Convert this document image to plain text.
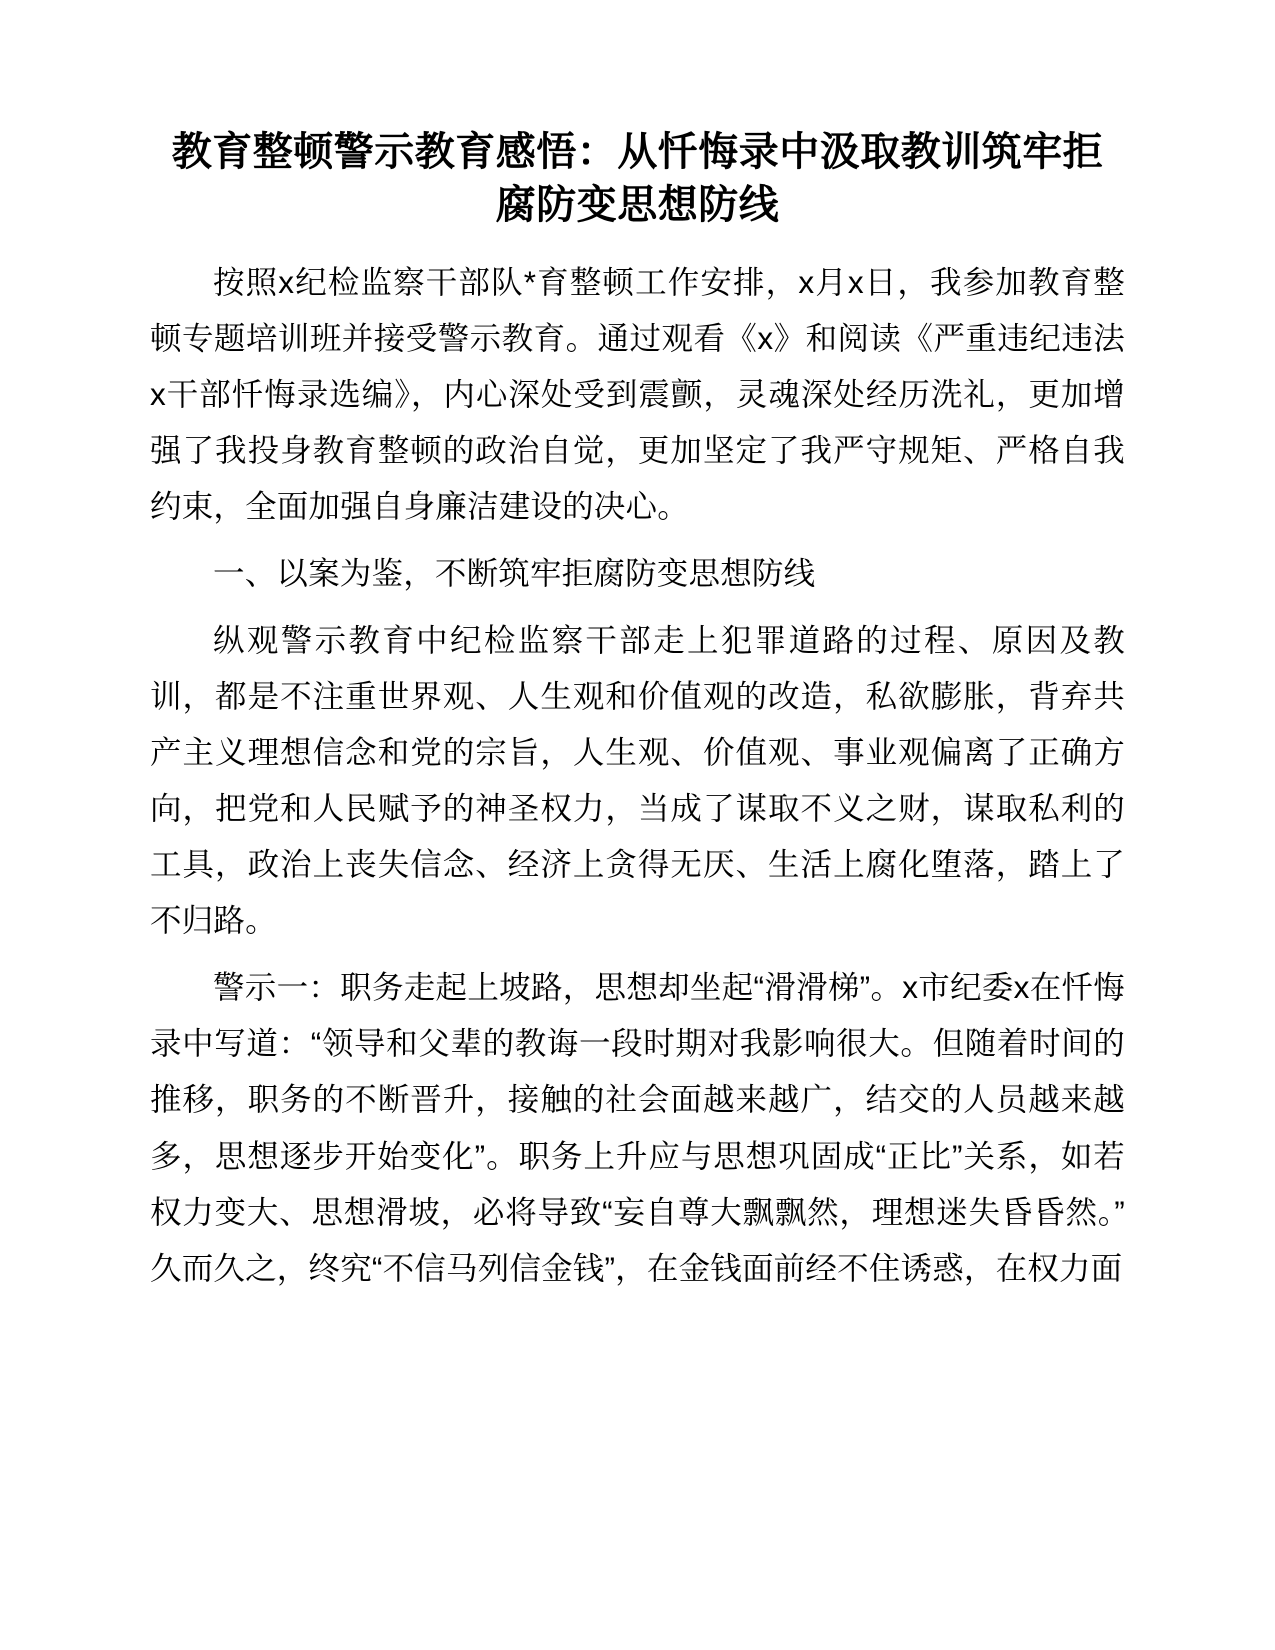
教育整顿警示教育感悟：从忏悔录中汲取教训筑牢拒腐防变思想防线

按照x纪检监察干部队*育整顿工作安排，x月x日，我参加教育整顿专题培训班并接受警示教育。通过观看《x》和阅读《严重违纪违法x干部忏悔录选编》，内心深处受到震颤，灵魂深处经历洗礼，更加增强了我投身教育整顿的政治自觉，更加坚定了我严守规矩、严格自我约束，全面加强自身廉洁建设的决心。

一、以案为鉴，不断筑牢拒腐防变思想防线

纵观警示教育中纪检监察干部走上犯罪道路的过程、原因及教训，都是不注重世界观、人生观和价值观的改造，私欲膨胀，背弃共产主义理想信念和党的宗旨，人生观、价值观、事业观偏离了正确方向，把党和人民赋予的神圣权力，当成了谋取不义之财，谋取私利的工具，政治上丧失信念、经济上贪得无厌、生活上腐化堕落，踏上了不归路。

警示一：职务走起上坡路，思想却坐起“滑滑梯”。x市纪委x在忏悔录中写道：“领导和父辈的教诲一段时期对我影响很大。但随着时间的推移，职务的不断晋升，接触的社会面越来越广，结交的人员越来越多，思想逐步开始变化”。职务上升应与思想巩固成“正比”关系，如若权力变大、思想滑坡，必将导致“妄自尊大飘飘然，理想迷失昏昏然。”久而久之，终究“不信马列信金钱”，在金钱面前经不住诱惑，在权力面
